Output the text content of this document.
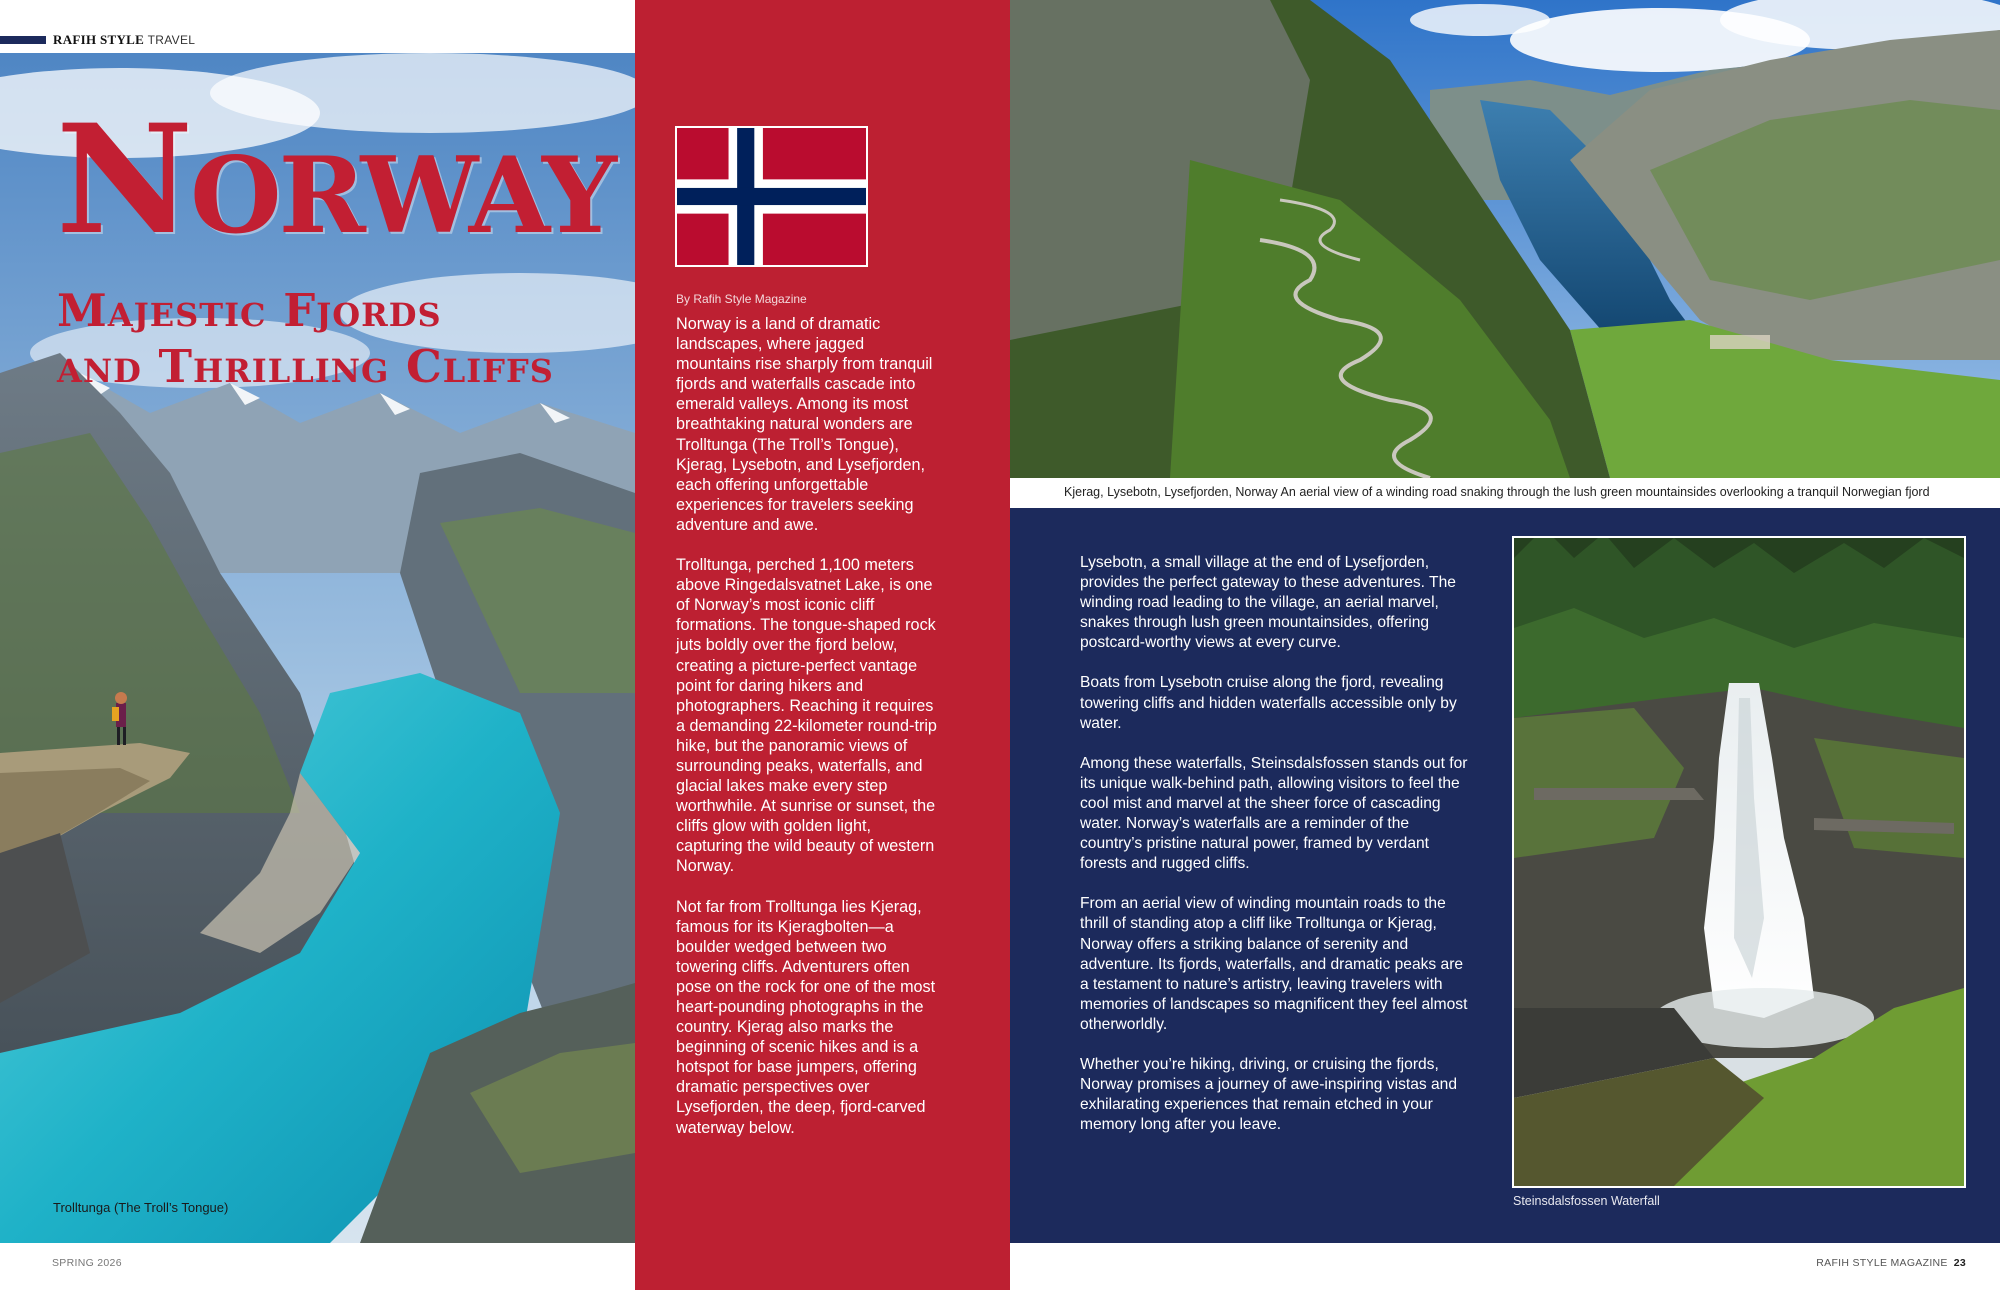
RAFIH STYLE TRAVEL
Norway
Majestic Fjords
and Thrilling Cliffs
Trolltunga (The Troll’s Tongue)
By Rafih Style Magazine

Norway is a land of dramatic landscapes, where jagged mountains rise sharply from tranquil fjords and waterfalls cascade into emerald valleys. Among its most breathtaking natural wonders are Trolltunga (The Troll’s Tongue), Kjerag, Lysebotn, and Lysefjorden, each offering unforgettable experiences for travelers seeking adventure and awe.

Trolltunga, perched 1,100 meters above Ringedalsvatnet Lake, is one of Norway’s most iconic cliff formations. The tongue-shaped rock juts boldly over the fjord below, creating a picture-perfect vantage point for daring hikers and photographers. Reaching it requires a demanding 22-kilometer round-trip hike, but the panoramic views of surrounding peaks, waterfalls, and glacial lakes make every step worthwhile. At sunrise or sunset, the cliffs glow with golden light, capturing the wild beauty of western Norway.

Not far from Trolltunga lies Kjerag, famous for its Kjeragbolten—a boulder wedged between two towering cliffs. Adventurers often pose on the rock for one of the most heart-pounding photographs in the country. Kjerag also marks the beginning of scenic hikes and is a hotspot for base jumpers, offering dramatic perspectives over Lysefjorden, the deep, fjord-carved waterway below.

Kjerag, Lysebotn, Lysefjorden, Norway An aerial view of a winding road snaking through the lush green mountainsides overlooking a tranquil Norwegian fjord

Lysebotn, a small village at the end of Lysefjorden, provides the perfect gateway to these adventures. The winding road leading to the village, an aerial marvel, snakes through lush green mountainsides, offering postcard-worthy views at every curve.

Boats from Lysebotn cruise along the fjord, revealing towering cliffs and hidden waterfalls accessible only by water.

Among these waterfalls, Steinsdalsfossen stands out for its unique walk-behind path, allowing visitors to feel the cool mist and marvel at the sheer force of cascading water. Norway’s waterfalls are a reminder of the country’s pristine natural power, framed by verdant forests and rugged cliffs.

From an aerial view of winding mountain roads to the thrill of standing atop a cliff like Trolltunga or Kjerag, Norway offers a striking balance of serenity and adventure. Its fjords, waterfalls, and dramatic peaks are a testament to nature’s artistry, leaving travelers with memories of landscapes so magnificent they feel almost otherworldly.

Whether you’re hiking, driving, or cruising the fjords, Norway promises a journey of awe-inspiring vistas and exhilarating experiences that remain etched in your memory long after you leave.

Steinsdalsfossen Waterfall
SPRING 2026	RAFIH STYLE MAGAZINE 23
